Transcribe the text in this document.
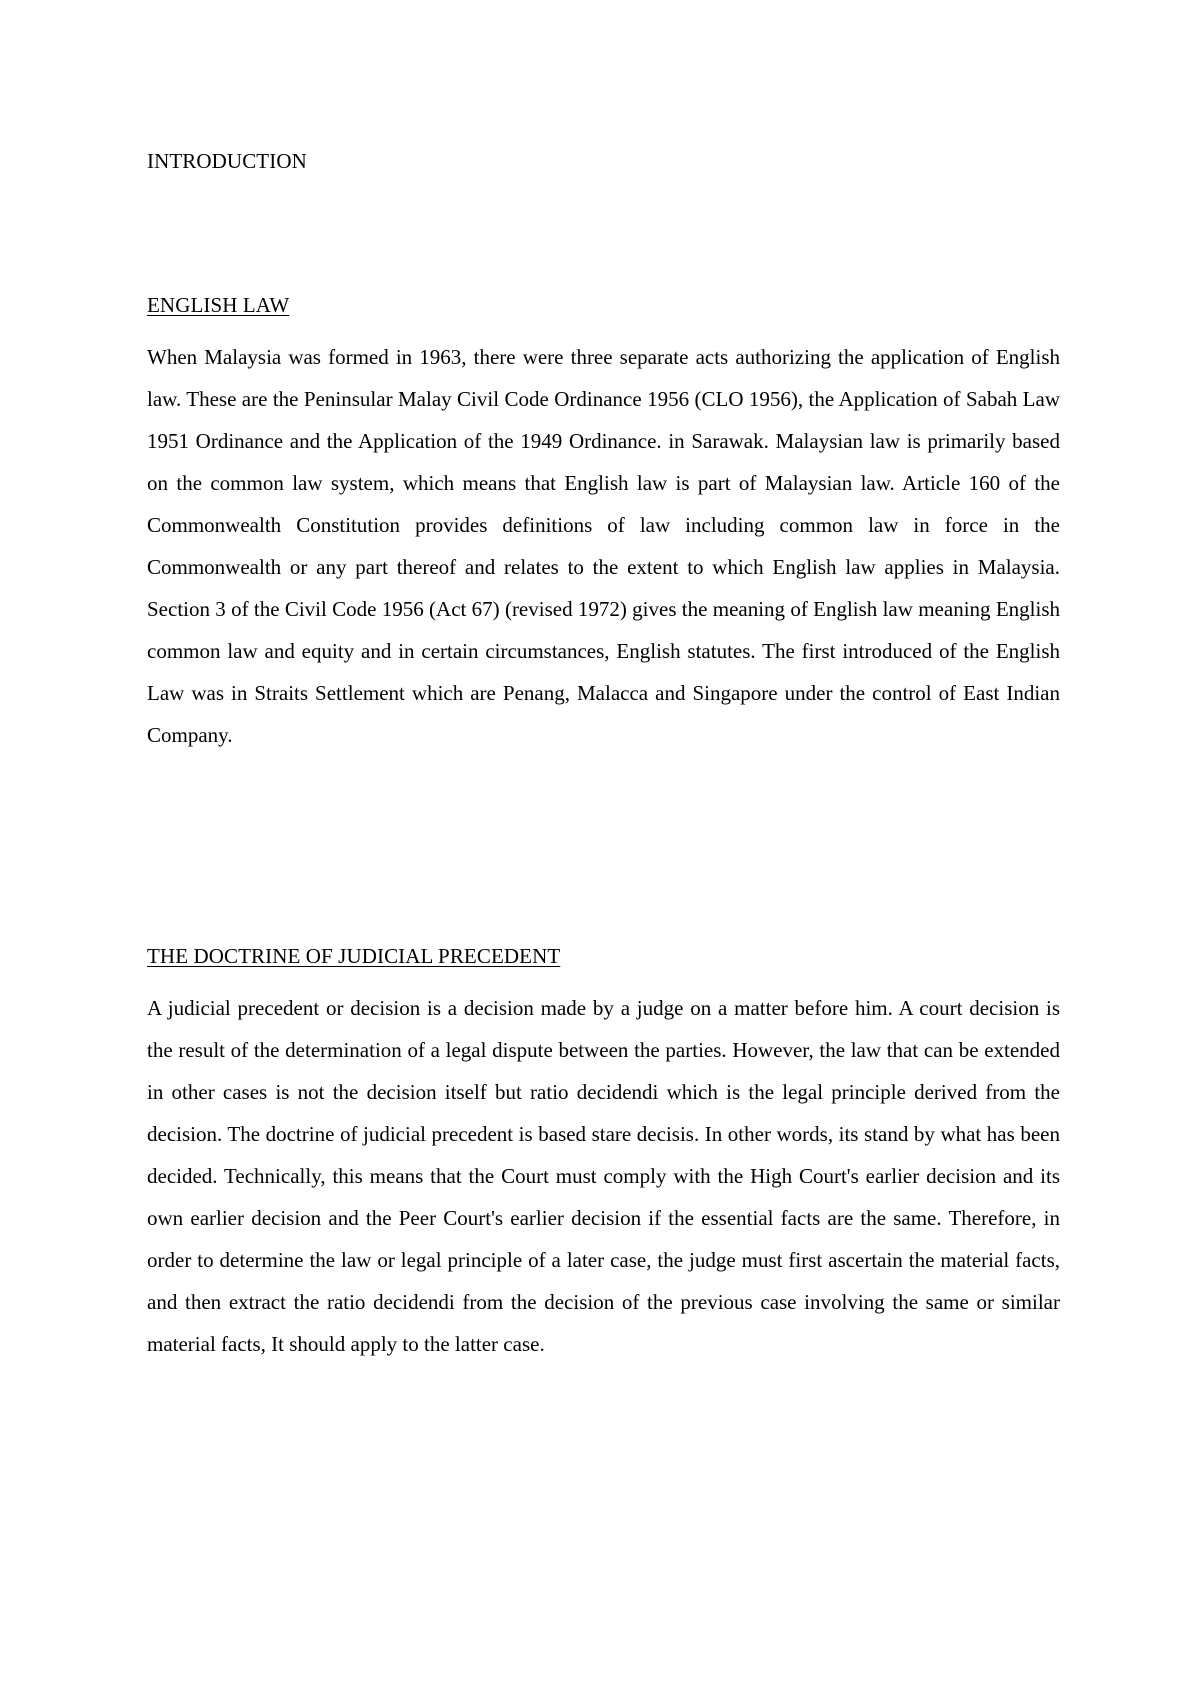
INTRODUCTION
ENGLISH LAW

When Malaysia was formed in 1963, there were three separate acts authorizing the application of English law. These are the Peninsular Malay Civil Code Ordinance 1956 (CLO 1956), the Application of Sabah Law 1951 Ordinance and the Application of the 1949 Ordinance. in Sarawak. Malaysian law is primarily based on the common law system, which means that English law is part of Malaysian law. Article 160 of the Commonwealth Constitution provides definitions of law including common law in force in the Commonwealth or any part thereof and relates to the extent to which English law applies in Malaysia. Section 3 of the Civil Code 1956 (Act 67) (revised 1972) gives the meaning of English law meaning English common law and equity and in certain circumstances, English statutes. The first introduced of the English Law was in Straits Settlement which are Penang, Malacca and Singapore under the control of East Indian Company.

THE DOCTRINE OF JUDICIAL PRECEDENT

A judicial precedent or decision is a decision made by a judge on a matter before him. A court decision is the result of the determination of a legal dispute between the parties. However, the law that can be extended in other cases is not the decision itself but ratio decidendi which is the legal principle derived from the decision. The doctrine of judicial precedent is based stare decisis. In other words, its stand by what has been decided. Technically, this means that the Court must comply with the High Court's earlier decision and its own earlier decision and the Peer Court's earlier decision if the essential facts are the same. Therefore, in order to determine the law or legal principle of a later case, the judge must first ascertain the material facts, and then extract the ratio decidendi from the decision of the previous case involving the same or similar material facts, It should apply to the latter case.
